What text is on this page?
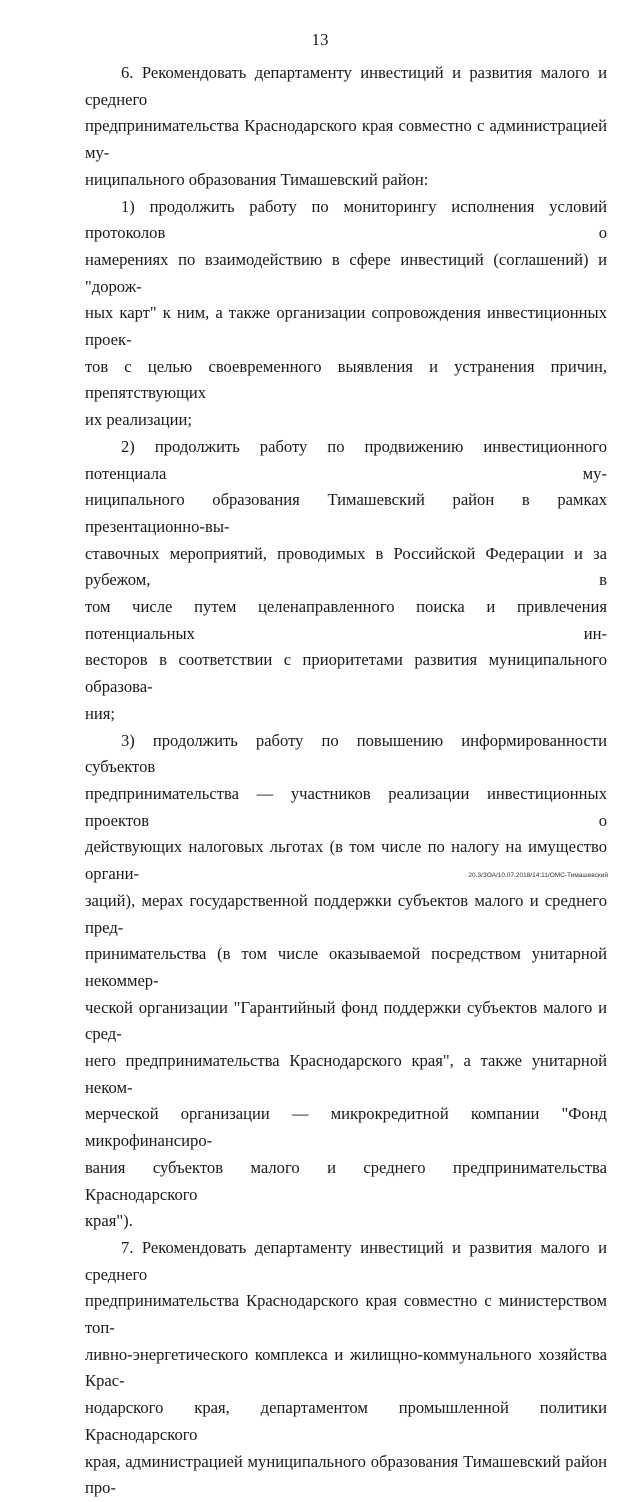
13

6. Рекомендовать департаменту инвестиций и развития малого и среднего
предпринимательства Краснодарского края совместно с администрацией му-
ниципального образования Тимашевский район:

1) продолжить работу по мониторингу исполнения условий протоколов о
намерениях по взаимодействию в сфере инвестиций (соглашений) и "дорож-
ных карт" к ним, а также организации сопровождения инвестиционных проек-
тов с целью своевременного выявления и устранения причин, препятствующих
их реализации;

2) продолжить работу по продвижению инвестиционного потенциала му-
ниципального образования Тимашевский район в рамках презентационно-вы-
ставочных мероприятий, проводимых в Российской Федерации и за рубежом, в
том числе путем целенаправленного поиска и привлечения потенциальных ин-
весторов в соответствии с приоритетами развития муниципального образова-
ния;

3) продолжить работу по повышению информированности субъектов
предпринимательства — участников реализации инвестиционных проектов о
действующих налоговых льготах (в том числе по налогу на имущество органи-
заций), мерах государственной поддержки субъектов малого и среднего пред-
принимательства (в том числе оказываемой посредством унитарной некоммер-
ческой организации "Гарантийный фонд поддержки субъектов малого и сред-
него предпринимательства Краснодарского края", а также унитарной неком-
мерческой организации — микрокредитной компании "Фонд микрофинансиро-
вания субъектов малого и среднего предпринимательства Краснодарского
края").

7. Рекомендовать департаменту инвестиций и развития малого и среднего
предпринимательства Краснодарского края совместно с министерством топ-
ливно-энергетического комплекса и жилищно-коммунального хозяйства Крас-
нодарского края, департаментом промышленной политики Краснодарского
края, администрацией муниципального образования Тимашевский район про-

20.3/ЗОА/10.07.2018/14:11/ОМС-Тимашевский
